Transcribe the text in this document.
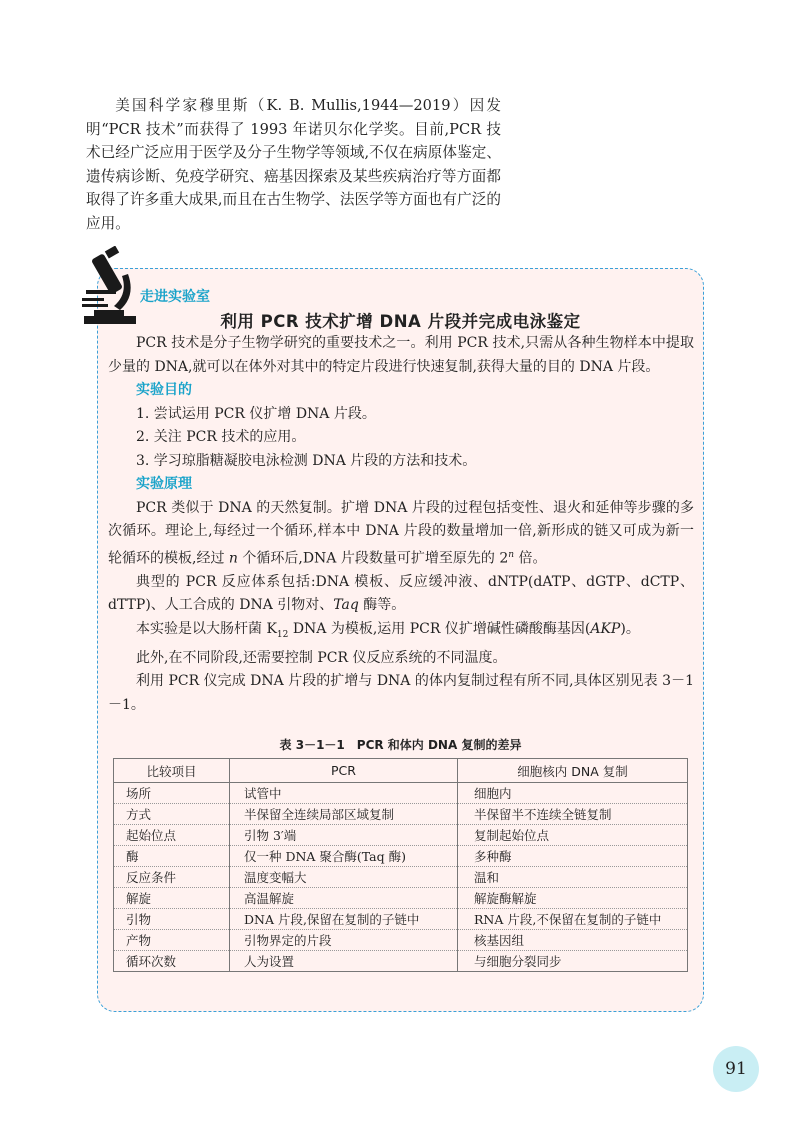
美国科学家穆里斯（K. B. Mullis,1944—2019）因发明“PCR 技术”而获得了 1993 年诺贝尔化学奖。目前,PCR 技术已经广泛应用于医学及分子生物学等领域,不仅在病原体鉴定、遗传病诊断、免疫学研究、癌基因探索及某些疾病治疗等方面都取得了许多重大成果,而且在古生物学、法医学等方面也有广泛的应用。

走进实验室
利用 PCR 技术扩增 DNA 片段并完成电泳鉴定

PCR 技术是分子生物学研究的重要技术之一。利用 PCR 技术,只需从各种生物样本中提取少量的 DNA,就可以在体外对其中的特定片段进行快速复制,获得大量的目的 DNA 片段。

实验目的

1. 尝试运用 PCR 仪扩增 DNA 片段。

2. 关注 PCR 技术的应用。

3. 学习琼脂糖凝胶电泳检测 DNA 片段的方法和技术。

实验原理

PCR 类似于 DNA 的天然复制。扩增 DNA 片段的过程包括变性、退火和延伸等步骤的多次循环。理论上,每经过一个循环,样本中 DNA 片段的数量增加一倍,新形成的链又可成为新一轮循环的模板,经过 n 个循环后,DNA 片段数量可扩增至原先的 2$^n$ 倍。

典型的 PCR 反应体系包括:DNA 模板、反应缓冲液、dNTP(dATP、dGTP、dCTP、dTTP)、人工合成的 DNA 引物对、Taq 酶等。

本实验是以大肠杆菌 $K_{12}$ DNA 为模板,运用 PCR 仪扩增碱性磷酸酶基因(AKP)。

此外,在不同阶段,还需要控制 PCR 仪反应系统的不同温度。

利用 PCR 仪完成 DNA 片段的扩增与 DNA 的体内复制过程有所不同,具体区别见表 3－1－1。

表 3－1－1　PCR 和体内 DNA 复制的差异
比较项目	PCR	细胞核内 DNA 复制
场所	试管中	细胞内
方式	半保留全连续局部区域复制	半保留半不连续全链复制
起始位点	引物 3′端	复制起始位点
酶	仅一种 DNA 聚合酶(Taq 酶)	多种酶
反应条件	温度变幅大	温和
解旋	高温解旋	解旋酶解旋
引物	DNA 片段,保留在复制的子链中	RNA 片段,不保留在复制的子链中
产物	引物界定的片段	核基因组
循环次数	人为设置	与细胞分裂同步
91
